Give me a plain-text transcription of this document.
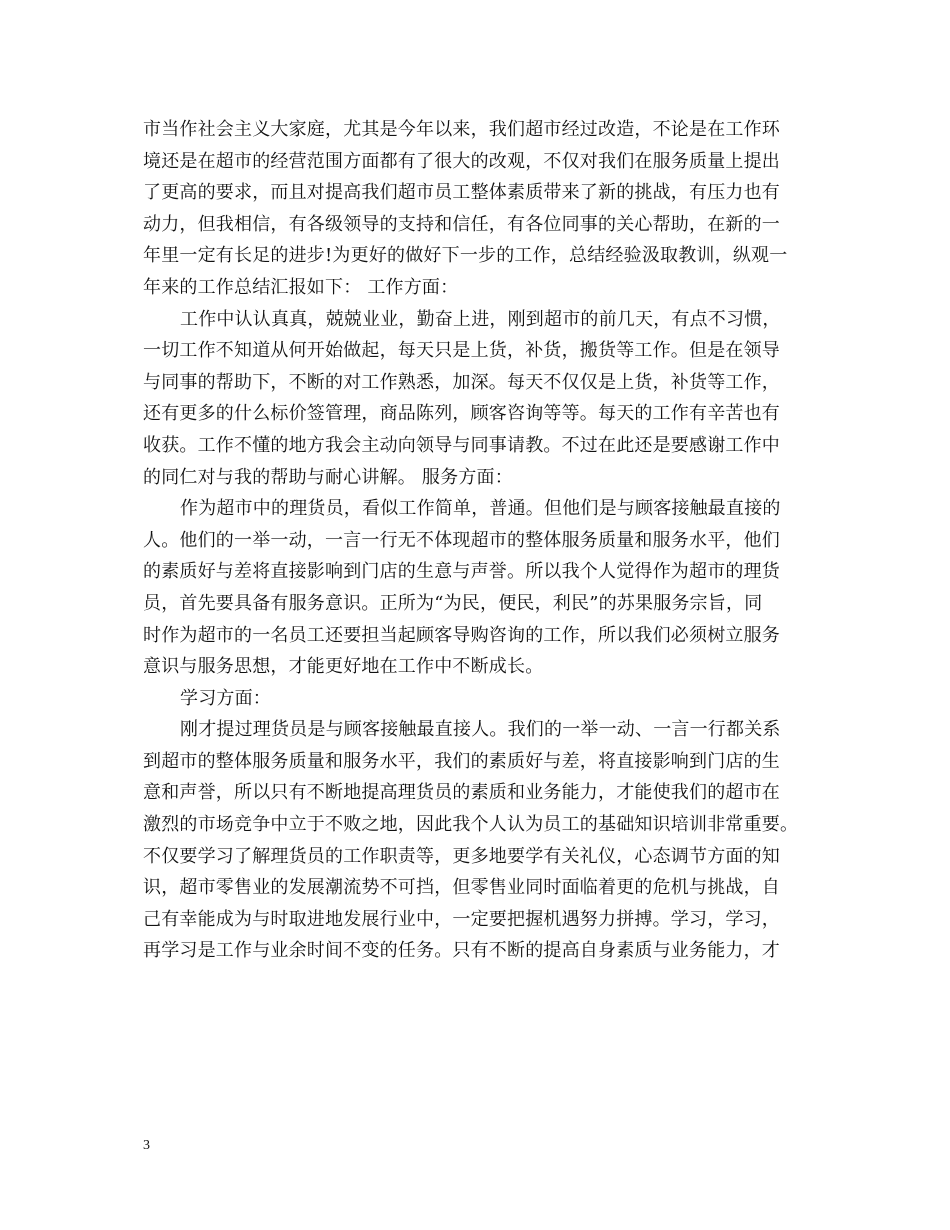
市当作社会主义大家庭，尤其是今年以来，我们超市经过改造，不论是在工作环
境还是在超市的经营范围方面都有了很大的改观，不仅对我们在服务质量上提出
了更高的要求，而且对提高我们超市员工整体素质带来了新的挑战，有压力也有
动力，但我相信，有各级领导的支持和信任，有各位同事的关心帮助，在新的一
年里一定有长足的进步!为更好的做好下一步的工作，总结经验汲取教训，纵观一
年来的工作总结汇报如下： 工作方面：
工作中认认真真，兢兢业业，勤奋上进，刚到超市的前几天，有点不习惯，
一切工作不知道从何开始做起，每天只是上货，补货，搬货等工作。但是在领导
与同事的帮助下，不断的对工作熟悉，加深。每天不仅仅是上货，补货等工作，
还有更多的什么标价签管理，商品陈列，顾客咨询等等。每天的工作有辛苦也有
收获。工作不懂的地方我会主动向领导与同事请教。不过在此还是要感谢工作中
的同仁对与我的帮助与耐心讲解。 服务方面：
作为超市中的理货员，看似工作简单，普通。但他们是与顾客接触最直接的
人。他们的一举一动，一言一行无不体现超市的整体服务质量和服务水平，他们
的素质好与差将直接影响到门店的生意与声誉。所以我个人觉得作为超市的理货
员，首先要具备有服务意识。正所为“为民，便民，利民”的苏果服务宗旨，同
时作为超市的一名员工还要担当起顾客导购咨询的工作，所以我们必须树立服务
意识与服务思想，才能更好地在工作中不断成长。
学习方面：
刚才提过理货员是与顾客接触最直接人。我们的一举一动、一言一行都关系
到超市的整体服务质量和服务水平，我们的素质好与差，将直接影响到门店的生
意和声誉，所以只有不断地提高理货员的素质和业务能力，才能使我们的超市在
激烈的市场竞争中立于不败之地，因此我个人认为员工的基础知识培训非常重要。
不仅要学习了解理货员的工作职责等，更多地要学有关礼仪，心态调节方面的知
识，超市零售业的发展潮流势不可挡，但零售业同时面临着更的危机与挑战，自
己有幸能成为与时取进地发展行业中，一定要把握机遇努力拼搏。学习，学习，
再学习是工作与业余时间不变的任务。只有不断的提高自身素质与业务能力，才
3
